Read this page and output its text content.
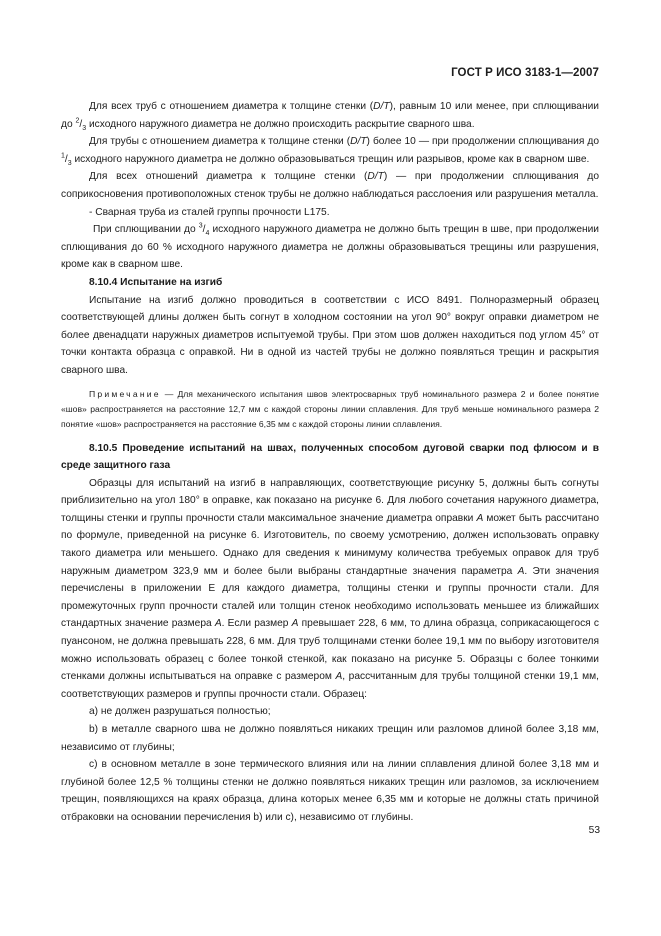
ГОСТ Р ИСО 3183-1—2007

Для всех труб с отношением диаметра к толщине стенки (D/T), равным 10 или менее, при сплющивании до $^2/_3$ исходного наружного диаметра не должно происходить раскрытие сварного шва.

Для трубы с отношением диаметра к толщине стенки (D/T) более 10 — при продолжении сплющивания до $^1/_3$ исходного наружного диаметра не должно образовываться трещин или разрывов, кроме как в сварном шве.

Для всех отношений диаметра к толщине стенки (D/T) — при продолжении сплющивания до соприкосновения противоположных стенок трубы не должно наблюдаться расслоения или разрушения металла.

- Сварная труба из сталей группы прочности L175.

При сплющивании до $^3/_4$ исходного наружного диаметра не должно быть трещин в шве, при продолжении сплющивания до 60 % исходного наружного диаметра не должны образовываться трещины или разрушения, кроме как в сварном шве.

8.10.4 Испытание на изгиб

Испытание на изгиб должно проводиться в соответствии с ИСО 8491. Полноразмерный образец соответствующей длины должен быть согнут в холодном состоянии на угол 90° вокруг оправки диаметром не более двенадцати наружных диаметров испытуемой трубы. При этом шов должен находиться под углом 45° от точки контакта образца с оправкой. Ни в одной из частей трубы не должно появляться трещин и раскрытия сварного шва.

Примечание — Для механического испытания швов электросварных труб номинального размера 2 и более понятие «шов» распространяется на расстояние 12,7 мм с каждой стороны линии сплавления. Для труб меньше номинального размера 2 понятие «шов» распространяется на расстояние 6,35 мм с каждой стороны линии сплавления.

8.10.5 Проведение испытаний на швах, полученных способом дуговой сварки под флюсом и в среде защитного газа

Образцы для испытаний на изгиб в направляющих, соответствующие рисунку 5, должны быть согнуты приблизительно на угол 180° в оправке, как показано на рисунке 6. Для любого сочетания наружного диаметра, толщины стенки и группы прочности стали максимальное значение диаметра оправки A может быть рассчитано по формуле, приведенной на рисунке 6. Изготовитель, по своему усмотрению, должен использовать оправку такого диаметра или меньшего. Однако для сведения к минимуму количества требуемых оправок для труб наружным диаметром 323,9 мм и более были выбраны стандартные значения параметра A. Эти значения перечислены в приложении Е для каждого диаметра, толщины стенки и группы прочности стали. Для промежуточных групп прочности сталей или толщин стенок необходимо использовать меньшее из ближайших стандартных значение размера A. Если размер A превышает 228, 6 мм, то длина образца, соприкасающегося с пуансоном, не должна превышать 228, 6 мм. Для труб толщинами стенки более 19,1 мм по выбору изготовителя можно использовать образец с более тонкой стенкой, как показано на рисунке 5. Образцы с более тонкими стенками должны испытываться на оправке с размером A, рассчитанным для трубы толщиной стенки 19,1 мм, соответствующих размеров и группы прочности стали. Образец:

а) не должен разрушаться полностью;

b) в металле сварного шва не должно появляться никаких трещин или разломов длиной более 3,18 мм, независимо от глубины;

с) в основном металле в зоне термического влияния или на линии сплавления длиной более 3,18 мм и глубиной более 12,5 % толщины стенки не должно появляться никаких трещин или разломов, за исключением трещин, появляющихся на краях образца, длина которых менее 6,35 мм и которые не должны стать причиной отбраковки на основании перечисления b) или с), независимо от глубины.

53
